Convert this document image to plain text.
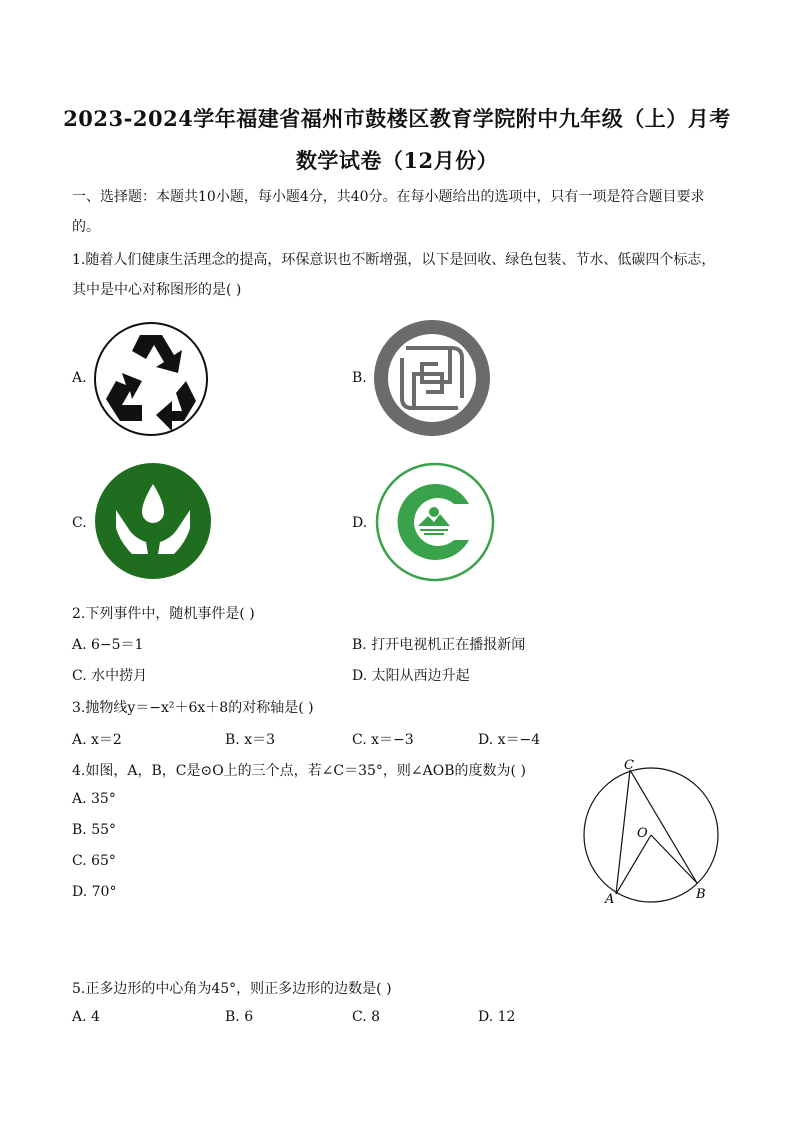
2023-2024学年福建省福州市鼓楼区教育学院附中九年级（上）月考
数学试卷（12月份）
一、选择题：本题共10小题，每小题4分，共40分。在每小题给出的选项中，只有一项是符合题目要求
的。
1.随着人们健康生活理念的提高，环保意识也不断增强，以下是回收、绿色包装、节水、低碳四个标志，
其中是中心对称图形的是( )
A.	B.
C.	D.
2.下列事件中，随机事件是( )
A. 6−5＝1	B. 打开电视机正在播报新闻
C. 水中捞月	D. 太阳从西边升起
3.抛物线y＝−x²＋6x＋8的对称轴是( )
A. x＝2	B. x＝3	C. x＝−3	D. x＝−4
4.如图，A，B，C是⊙O上的三个点，若∠C＝35°，则∠AOB的度数为( )
A. 35°
B. 55°
C. 65°
D. 70°
C
O
A	B
5.正多边形的中心角为45°，则正多边形的边数是( )
A. 4	B. 6	C. 8	D. 12
